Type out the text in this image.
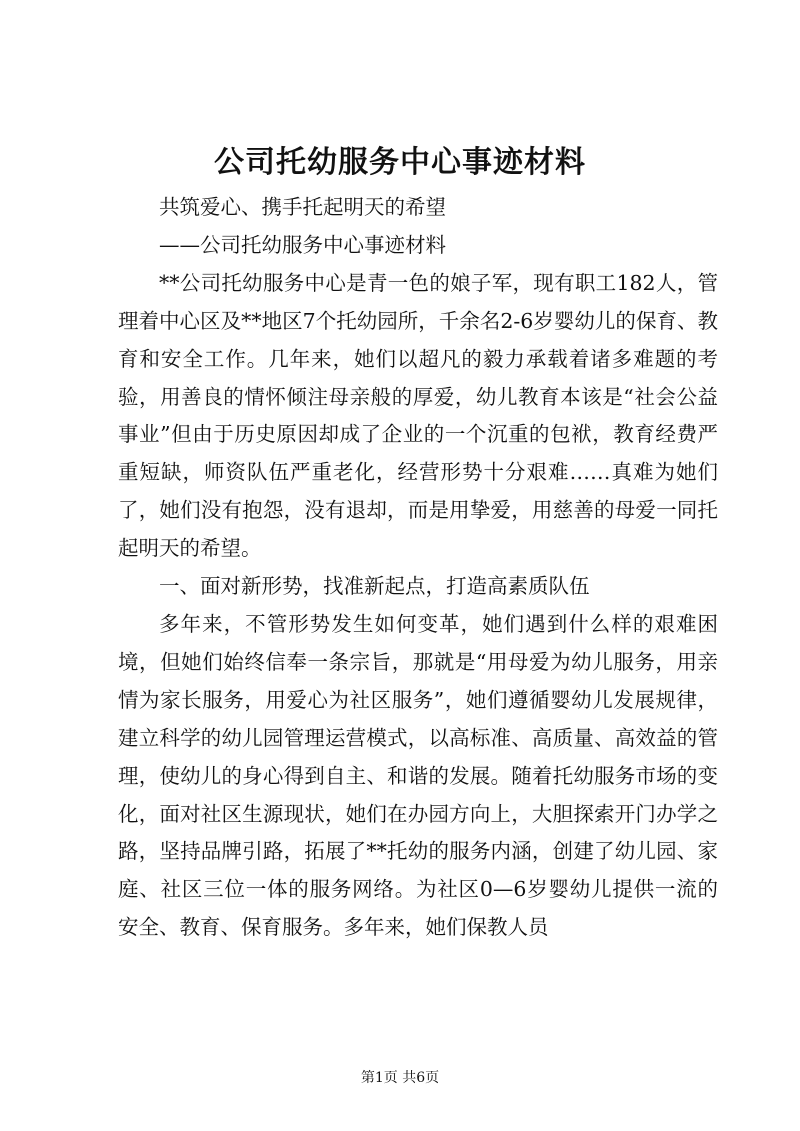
公司托幼服务中心事迹材料

共筑爱心、携手托起明天的希望

——公司托幼服务中心事迹材料

**公司托幼服务中心是青一色的娘子军，现有职工182人，管理着中心区及**地区7个托幼园所，千余名2-6岁婴幼儿的保育、教育和安全工作。几年来，她们以超凡的毅力承载着诸多难题的考验，用善良的情怀倾注母亲般的厚爱，幼儿教育本该是“社会公益事业”但由于历史原因却成了企业的一个沉重的包袱，教育经费严重短缺，师资队伍严重老化，经营形势十分艰难……真难为她们了，她们没有抱怨，没有退却，而是用挚爱，用慈善的母爱一同托起明天的希望。

一、面对新形势，找准新起点，打造高素质队伍

多年来，不管形势发生如何变革，她们遇到什么样的艰难困境，但她们始终信奉一条宗旨，那就是“用母爱为幼儿服务，用亲情为家长服务，用爱心为社区服务”，她们遵循婴幼儿发展规律，建立科学的幼儿园管理运营模式，以高标准、高质量、高效益的管理，使幼儿的身心得到自主、和谐的发展。随着托幼服务市场的变化，面对社区生源现状，她们在办园方向上，大胆探索开门办学之路，坚持品牌引路，拓展了**托幼的服务内涵，创建了幼儿园、家庭、社区三位一体的服务网络。为社区0—6岁婴幼儿提供一流的安全、教育、保育服务。多年来，她们保教人员

第1页 共6页
